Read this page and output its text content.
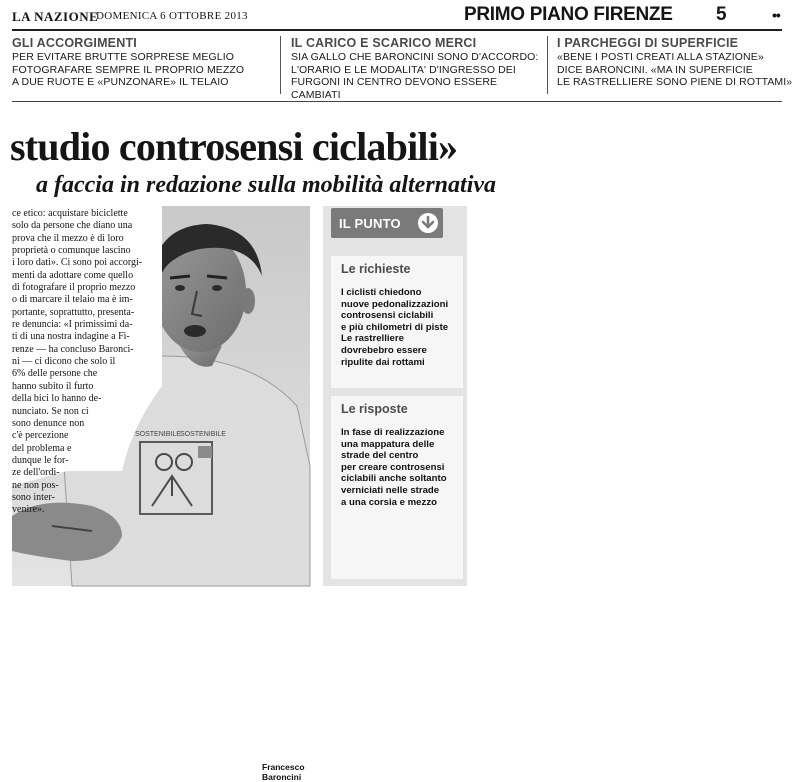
LA NAZIONE
DOMENICA 6 OTTOBRE 2013	PRIMO PIANO FIRENZE 5	••
GLI ACCORGIMENTI
PER EVITARE BRUTTE SORPRESE MEGLIO
FOTOGRAFARE SEMPRE IL PROPRIO MEZZO
A DUE RUOTE E «PUNZONARE» IL TELAIO
IL CARICO E SCARICO MERCI
SIA GALLO CHE BARONCINI SONO D'ACCORDO:
L'ORARIO E LE MODALITA' D'INGRESSO DEI
FURGONI IN CENTRO DEVONO ESSERE CAMBIATI
I PARCHEGGI DI SUPERFICIE
«BENE I POSTI CREATI ALLA STAZIONE»
DICE BARONCINI. «MA IN SUPERFICIE
LE RASTRELLIERE SONO PIENE DI ROTTAMI»
studio controsensi ciclabili»
a faccia in redazione sulla mobilità alternativa
SOSTENIBILE SOSTENIBILE
Francesco
Baroncini
ce etico: acquistare biciclette
solo da persone che diano una
prova che il mezzo è di loro
proprietà o comunque lascino
i loro dati». Ci sono poi accorgi-
menti da adottare come quello
di fotografare il proprio mezzo
o di marcare il telaio ma è im-
portante, soprattutto, presenta-
re denuncia: «I primissimi da-
ti di una nostra indagine a Fi-
renze — ha concluso Baronci-
ni — ci dicono che solo il
6% delle persone che
hanno subito il furto
della bici lo hanno de-
nunciato. Se non ci
sono denunce non
c'è percezione
del problema e
dunque le for-
ze dell'ordi-
ne non pos-
sono inter-
venire».
IL PUNTO
Le richieste
I ciclisti chiedono
nuove pedonalizzazioni
controsensi ciclabili
e più chilometri di piste
Le rastrelliere
dovrebebro essere
ripulite dai rottami
Le risposte
In fase di realizzazione
una mappatura delle
strade del centro
per creare controsensi
ciclabili anche soltanto
verniciati nelle strade
a una corsia e mezzo
